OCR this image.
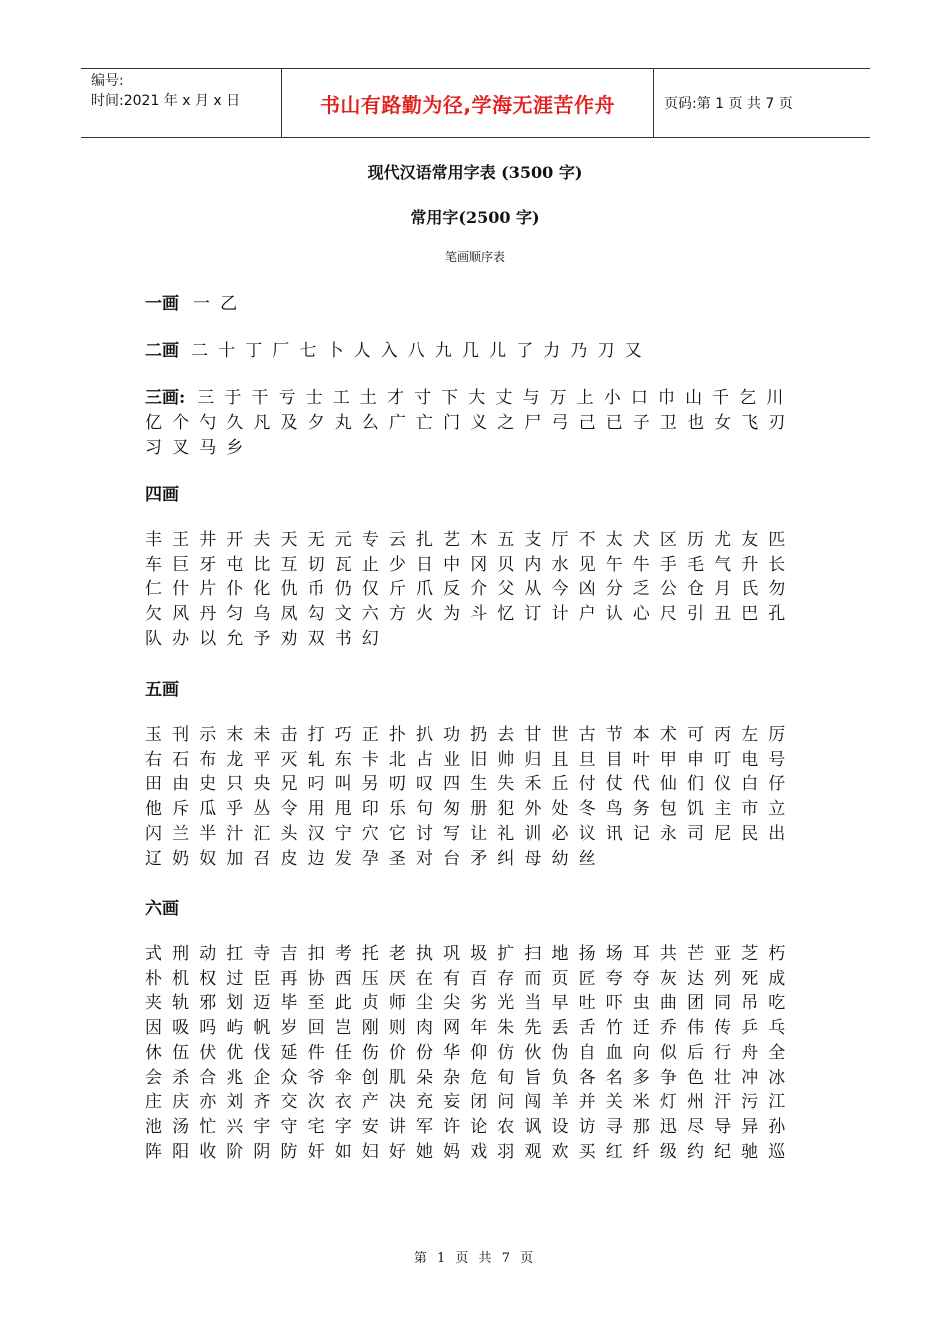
编号:
时间:2021 年 x 月 x 日	书山有路勤为径,学海无涯苦作舟	页码:第 1 页 共 7 页
现代汉语常用字表 (3500 字)
常用字(2500 字)
笔画顺序表
一画 一乙
二画 二十丁厂七卜人入八九几儿了力乃刀又
三画: 三于干亏士工土才寸下大丈与万上小口巾山千乞川亿个勺久凡及夕丸么广亡门义之尸弓己已子卫也女飞刃习叉马乡
四画
丰王井开夫天无元专云扎艺木五支厅不太犬区历尤友匹车巨牙屯比互切瓦止少日中冈贝内水见午牛手毛气升长仁什片仆化仇币仍仅斤爪反介父从今凶分乏公仓月氏勿欠风丹匀乌凤勾文六方火为斗忆订计户认心尺引丑巴孔队办以允予劝双书幻
五画
玉刊示末未击打巧正扑扒功扔去甘世古节本术可丙左厉右石布龙平灭轧东卡北占业旧帅归且旦目叶甲申叮电号田由史只央兄叼叫另叨叹四生失禾丘付仗代仙们仪白仔他斥瓜乎丛令用甩印乐句匆册犯外处冬鸟务包饥主市立闪兰半汁汇头汉宁穴它讨写让礼训必议讯记永司尼民出辽奶奴加召皮边发孕圣对台矛纠母幼丝
六画
式刑动扛寺吉扣考托老执巩圾扩扫地扬场耳共芒亚芝朽朴机权过臣再协西压厌在有百存而页匠夸夺灰达列死成夹轨邪划迈毕至此贞师尘尖劣光当早吐吓虫曲团同吊吃因吸吗屿帆岁回岂刚则肉网年朱先丢舌竹迁乔伟传乒乓休伍伏优伐延件任伤价份华仰仿伙伪自血向似后行舟全会杀合兆企众爷伞创肌朵杂危旬旨负各名多争色壮冲冰庄庆亦刘齐交次衣产决充妄闭问闯羊并关米灯州汗污江池汤忙兴宇守宅字安讲军许论农讽设访寻那迅尽导异孙阵阳收阶阴防奸如妇好她妈戏羽观欢买红纤级约纪驰巡
第 1 页 共 7 页
